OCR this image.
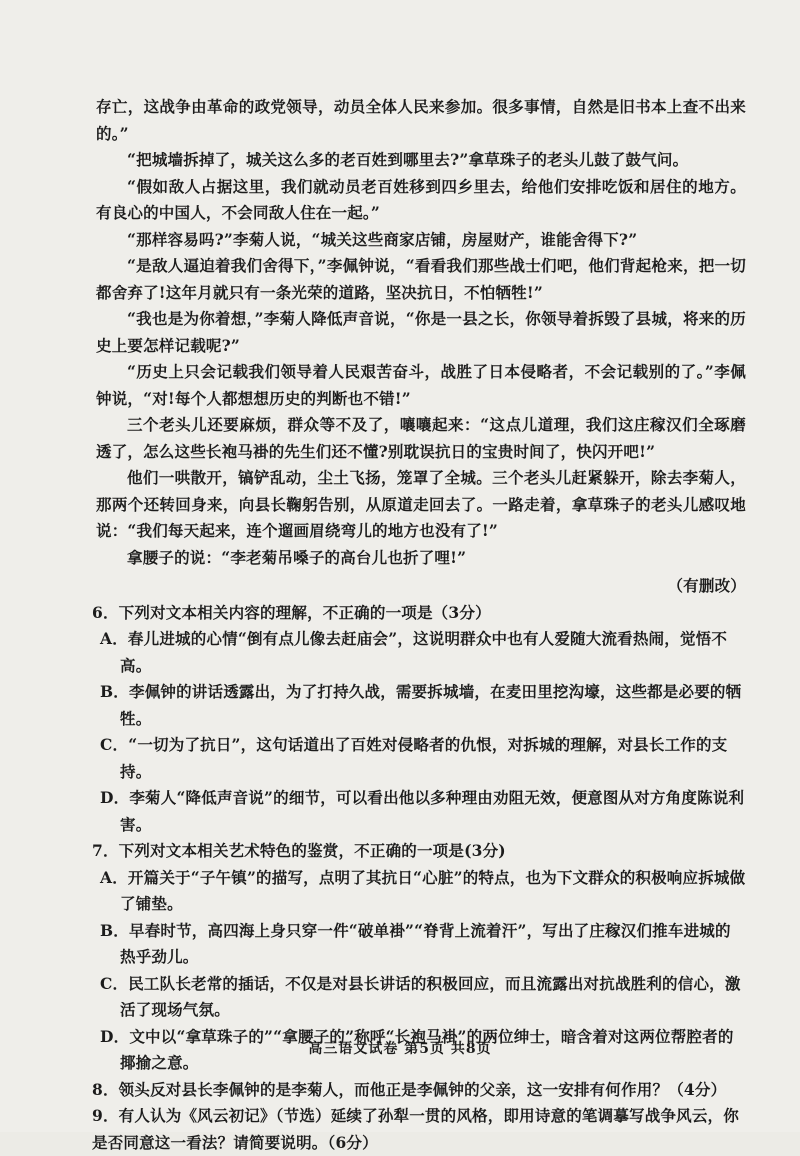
存亡，这战争由革命的政党领导，动员全体人民来参加。很多事情，自然是旧书本上查不出来的。”

“把城墙拆掉了，城关这么多的老百姓到哪里去?”拿草珠子的老头儿鼓了鼓气问。

“假如敌人占据这里，我们就动员老百姓移到四乡里去，给他们安排吃饭和居住的地方。有良心的中国人，不会同敌人住在一起。”

“那样容易吗?”李菊人说，“城关这些商家店铺，房屋财产，谁能舍得下?”

“是敌人逼迫着我们舍得下，”李佩钟说，“看看我们那些战士们吧，他们背起枪来，把一切都舍弃了!这年月就只有一条光荣的道路，坚决抗日，不怕牺牲!”

“我也是为你着想，”李菊人降低声音说，“你是一县之长，你领导着拆毁了县城，将来的历史上要怎样记载呢?”

“历史上只会记载我们领导着人民艰苦奋斗，战胜了日本侵略者，不会记载别的了。”李佩钟说，“对!每个人都想想历史的判断也不错!”

三个老头儿还要麻烦，群众等不及了，嚷嚷起来：“这点儿道理，我们这庄稼汉们全琢磨透了，怎么这些长袍马褂的先生们还不懂?别耽误抗日的宝贵时间了，快闪开吧!”

他们一哄散开，镐铲乱动，尘土飞扬，笼罩了全城。三个老头儿赶紧躲开，除去李菊人，那两个还转回身来，向县长鞠躬告别，从原道走回去了。一路走着，拿草珠子的老头儿感叹地说：“我们每天起来，连个遛画眉绕弯儿的地方也没有了!”

拿腰子的说：“李老菊吊嗓子的高台儿也折了哩!”

（有删改）

6．下列对文本相关内容的理解，不正确的一项是（3分）
A．春儿进城的心情“倒有点儿像去赶庙会”，这说明群众中也有人爱随大流看热闹，觉悟不高。
B．李佩钟的讲话透露出，为了打持久战，需要拆城墙，在麦田里挖沟壕，这些都是必要的牺牲。
C．“一切为了抗日”，这句话道出了百姓对侵略者的仇恨，对拆城的理解，对县长工作的支持。
D．李菊人“降低声音说”的细节，可以看出他以多种理由劝阻无效，便意图从对方角度陈说利害。
7．下列对文本相关艺术特色的鉴赏，不正确的一项是(3分)
A．开篇关于“子午镇”的描写，点明了其抗日“心脏”的特点，也为下文群众的积极响应拆城做了铺垫。
B．早春时节，高四海上身只穿一件“破单褂”“脊背上流着汗”，写出了庄稼汉们推车进城的热乎劲儿。
C．民工队长老常的插话，不仅是对县长讲话的积极回应，而且流露出对抗战胜利的信心，激活了现场气氛。
D．文中以“拿草珠子的”“拿腰子的”称呼“长袍马褂”的两位绅士，暗含着对这两位帮腔者的揶揄之意。
8．领头反对县长李佩钟的是李菊人，而他正是李佩钟的父亲，这一安排有何作用？（4分）
9．有人认为《风云初记》（节选）延续了孙犁一贯的风格，即用诗意的笔调摹写战争风云，你是否同意这一看法？请简要说明。（6分）
高三语文试卷 第5页 共8页
